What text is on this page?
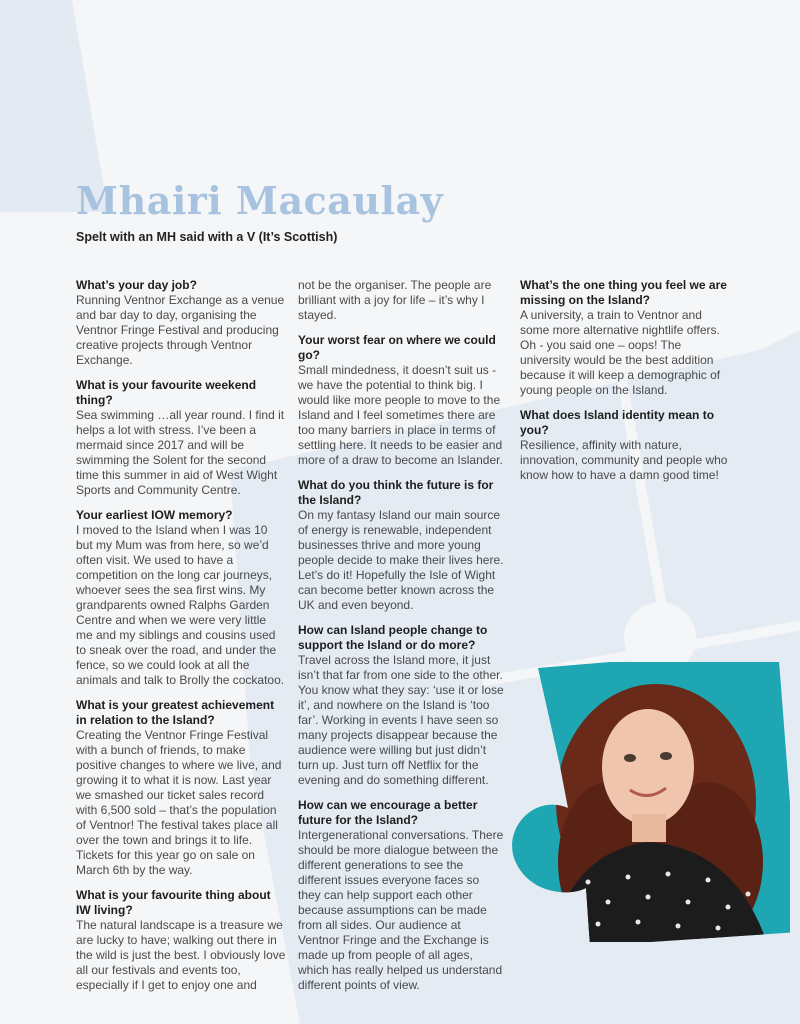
Mhairi Macaulay

Spelt with an MH said with a V (It’s Scottish)

What’s your day job?

Running Ventnor Exchange as a venue and bar day to day, organising the Ventnor Fringe Festival and producing creative projects through Ventnor Exchange.

What is your favourite weekend thing?

Sea swimming …all year round. I find it helps a lot with stress. I’ve been a mermaid since 2017 and will be swimming the Solent for the second time this summer in aid of West Wight Sports and Community Centre.

Your earliest IOW memory?

I moved to the Island when I was 10 but my Mum was from here, so we’d often visit. We used to have a competition on the long car journeys, whoever sees the sea first wins. My grandparents owned Ralphs Garden Centre and when we were very little me and my siblings and cousins used to sneak over the road, and under the fence, so we could look at all the animals and talk to Brolly the cockatoo.

What is your greatest achievement in relation to the Island?

Creating the Ventnor Fringe Festival with a bunch of friends, to make positive changes to where we live, and growing it to what it is now. Last year we smashed our ticket sales record with 6,500 sold – that’s the population of Ventnor! The festival takes place all over the town and brings it to life. Tickets for this year go on sale on March 6th by the way.

What is your favourite thing about IW living?

The natural landscape is a treasure we are lucky to have; walking out there in the wild is just the best. I obviously love all our festivals and events too, especially if I get to enjoy one and

not be the organiser. The people are brilliant with a joy for life – it’s why I stayed.

Your worst fear on where we could go?

Small mindedness, it doesn’t suit us - we have the potential to think big. I would like more people to move to the Island and I feel sometimes there are too many barriers in place in terms of settling here. It needs to be easier and more of a draw to become an Islander.

What do you think the future is for the Island?

On my fantasy Island our main source of energy is renewable, independent businesses thrive and more young people decide to make their lives here. Let’s do it! Hopefully the Isle of Wight can become better known across the UK and even beyond.

How can Island people change to support the Island or do more?

Travel across the Island more, it just isn’t that far from one side to the other. You know what they say: ‘use it or lose it’, and nowhere on the Island is ‘too far’. Working in events I have seen so many projects disappear because the audience were willing but just didn’t turn up. Just turn off Netflix for the evening and do something different.

How can we encourage a better future for the Island?

Intergenerational conversations. There should be more dialogue between the different generations to see the different issues everyone faces so they can help support each other because assumptions can be made from all sides. Our audience at Ventnor Fringe and the Exchange is made up from people of all ages, which has really helped us understand different points of view.

What’s the one thing you feel we are missing on the Island?

A university, a train to Ventnor and some more alternative nightlife offers. Oh - you said one – oops! The university would be the best addition because it will keep a demographic of young people on the Island.

What does Island identity mean to you?

Resilience, affinity with nature, innovation, community and people who know how to have a damn good time!
